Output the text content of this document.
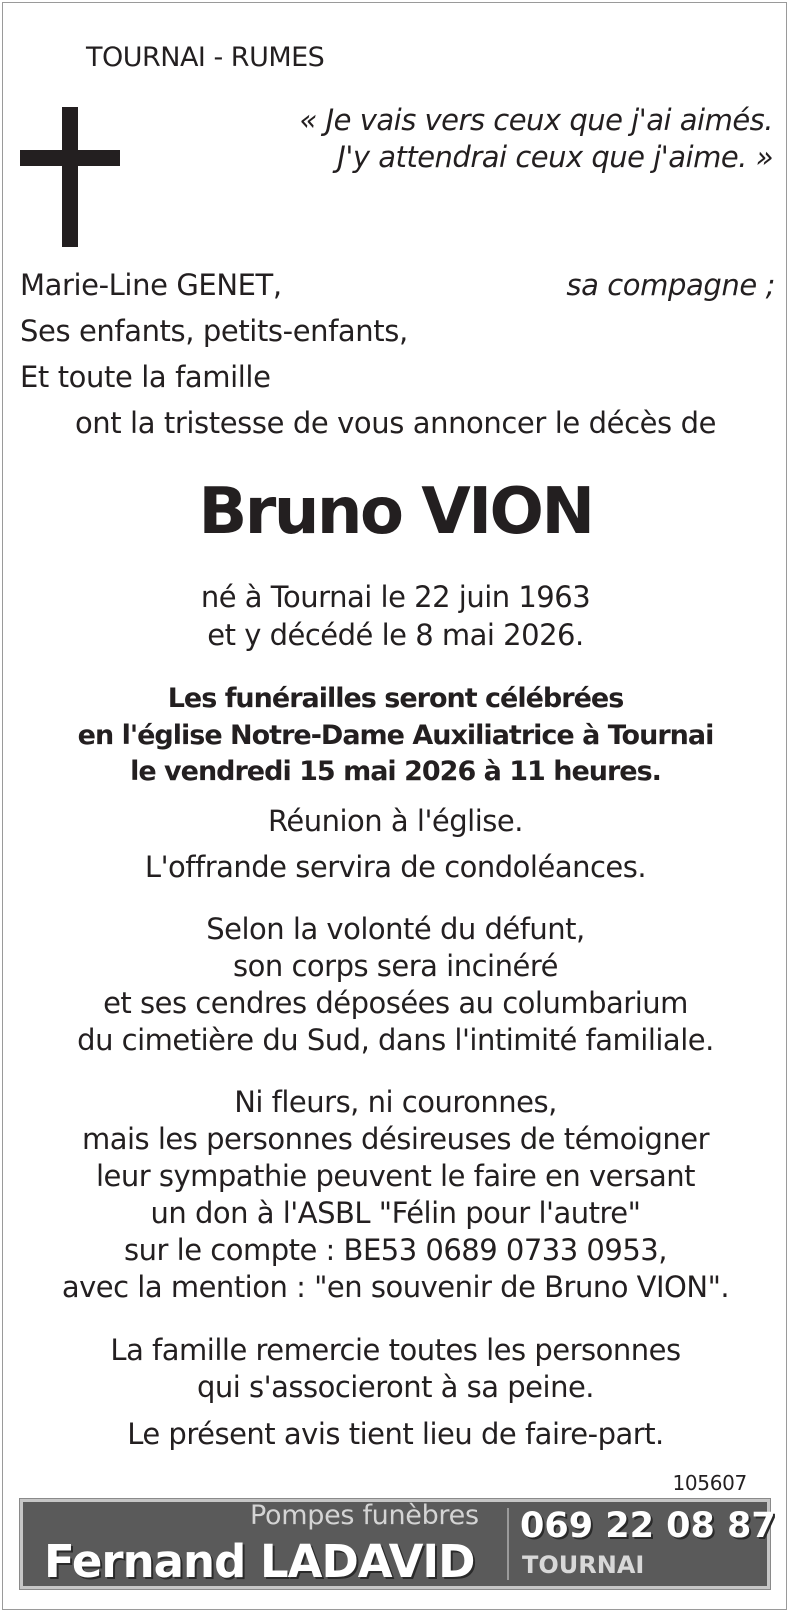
TOURNAI - RUMES
« Je vais vers ceux que j'ai aimés.
J'y attendrai ceux que j'aime. »
Marie-Line GENET,	sa compagne ;
Ses enfants, petits-enfants,
Et toute la famille
ont la tristesse de vous annoncer le décès de
Bruno VION
né à Tournai le 22 juin 1963
et y décédé le 8 mai 2026.
Les funérailles seront célébrées
en l'église Notre-Dame Auxiliatrice à Tournai
le vendredi 15 mai 2026 à 11 heures.
Réunion à l'église.
L'offrande servira de condoléances.
Selon la volonté du défunt,
son corps sera incinéré
et ses cendres déposées au columbarium
du cimetière du Sud, dans l'intimité familiale.
Ni fleurs, ni couronnes,
mais les personnes désireuses de témoigner
leur sympathie peuvent le faire en versant
un don à l'ASBL "Félin pour l'autre"
sur le compte : BE53 0689 0733 0953,
avec la mention : "en souvenir de Bruno VION".
La famille remercie toutes les personnes
qui s'associeront à sa peine.
Le présent avis tient lieu de faire-part.
105607
Pompes funèbres
Fernand LADAVID
069 22 08 87
TOURNAI
